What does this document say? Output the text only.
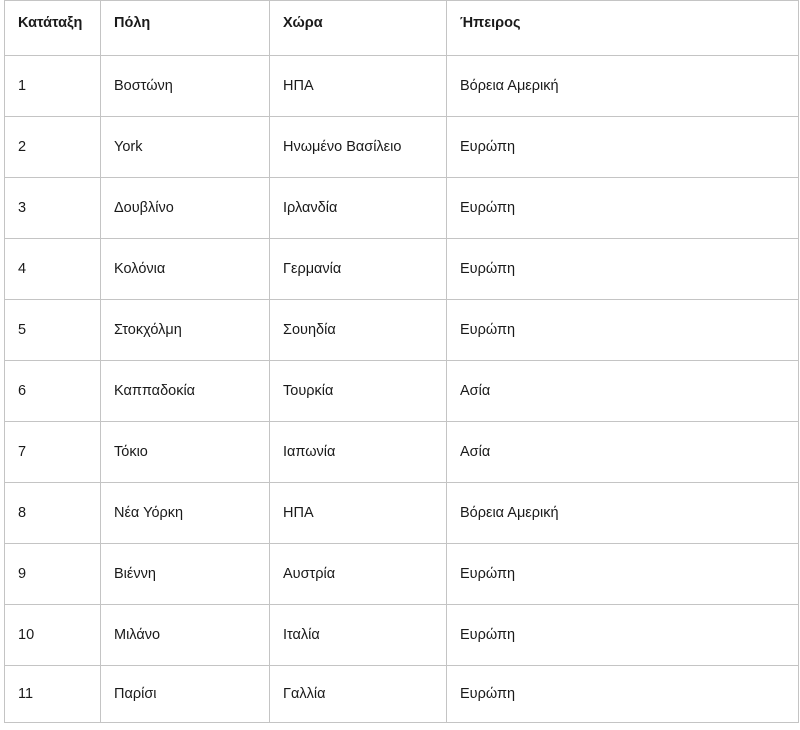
Κατάταξη	Πόλη	Χώρα	Ήπειρος
1	Βοστώνη	ΗΠΑ	Βόρεια Αμερική
2	York	Ηνωμένο Βασίλειο	Ευρώπη
3	Δουβλίνο	Ιρλανδία	Ευρώπη
4	Κολόνια	Γερμανία	Ευρώπη
5	Στοκχόλμη	Σουηδία	Ευρώπη
6	Καππαδοκία	Τουρκία	Ασία
7	Τόκιο	Ιαπωνία	Ασία
8	Νέα Υόρκη	ΗΠΑ	Βόρεια Αμερική
9	Βιέννη	Αυστρία	Ευρώπη
10	Μιλάνο	Ιταλία	Ευρώπη
11	Παρίσι	Γαλλία	Ευρώπη
